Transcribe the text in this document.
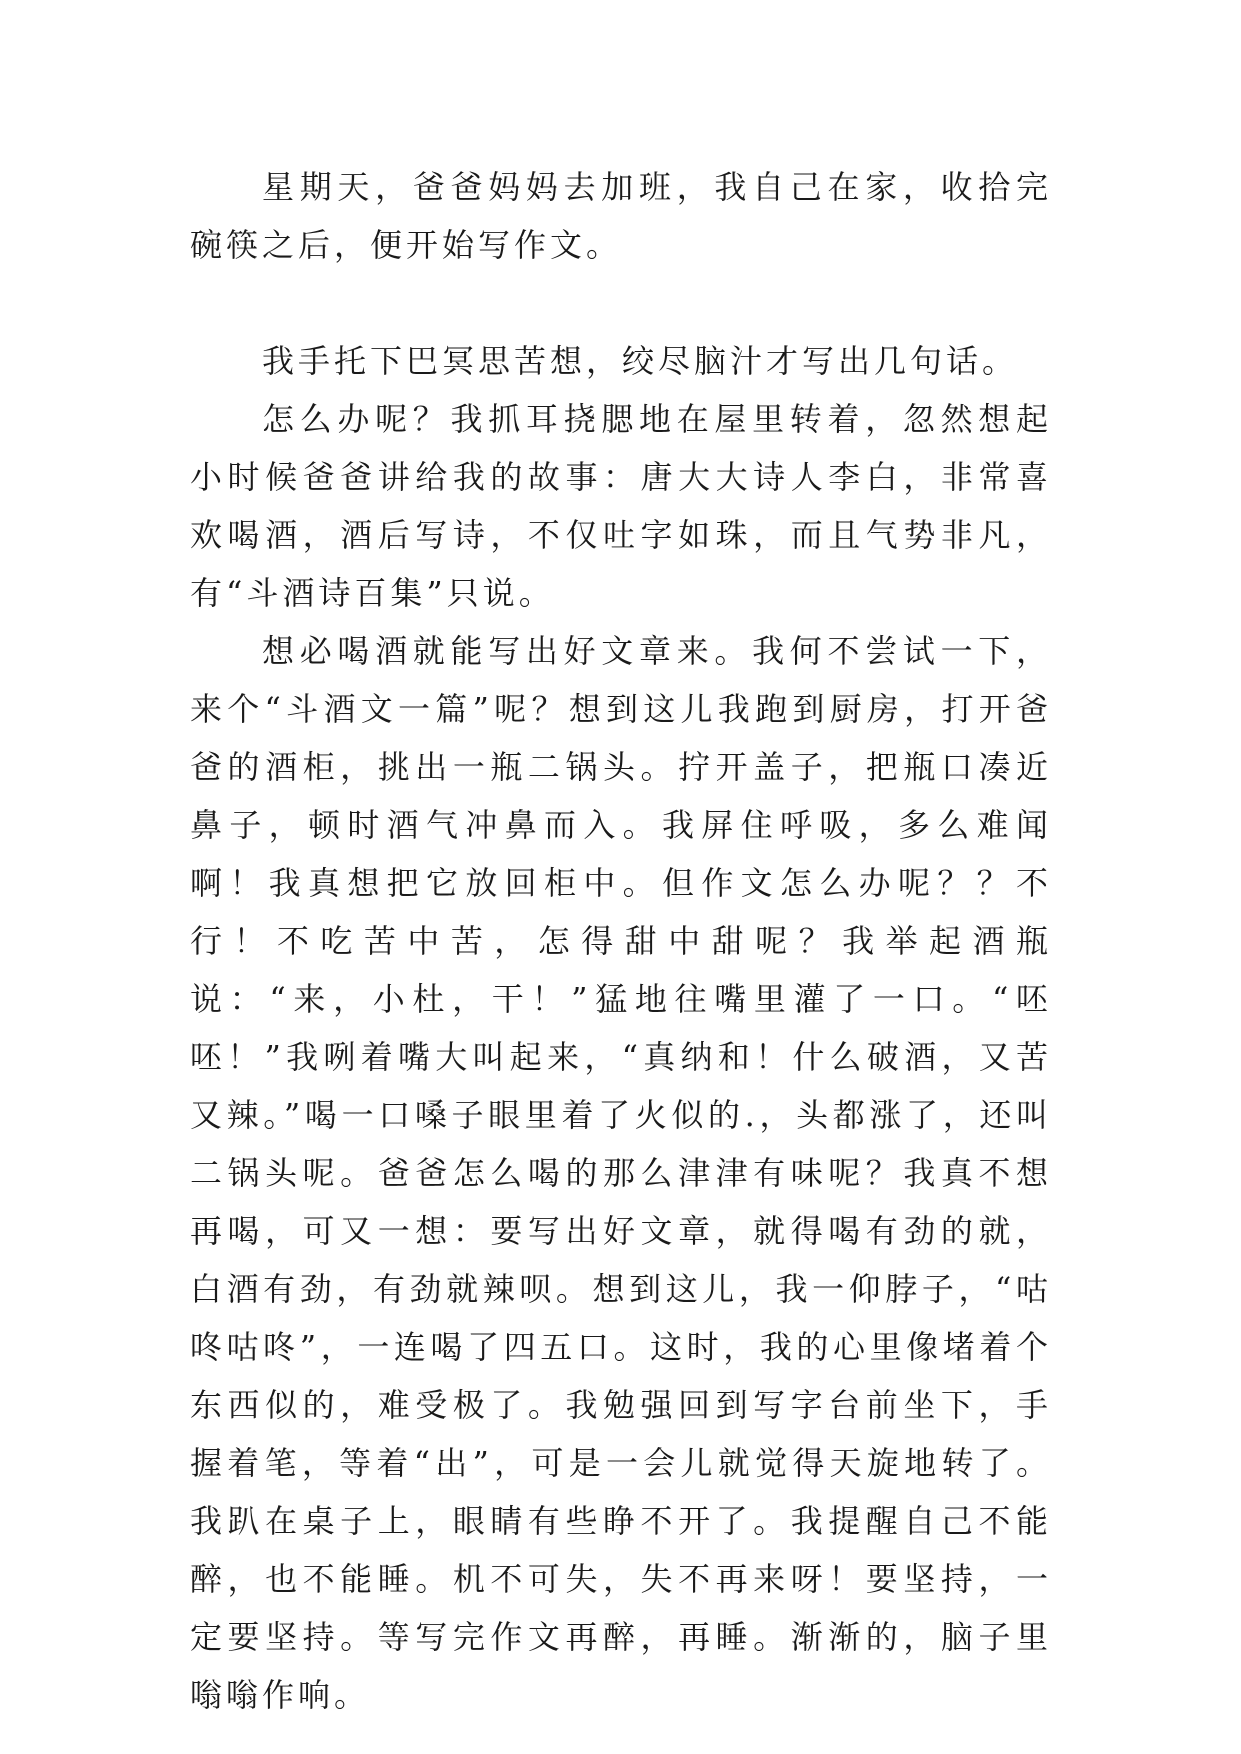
星期天，爸爸妈妈去加班，我自己在家，收拾完碗筷之后，便开始写作文。

我手托下巴冥思苦想，绞尽脑汁才写出几句话。

怎么办呢？我抓耳挠腮地在屋里转着，忽然想起小时候爸爸讲给我的故事：唐大大诗人李白，非常喜欢喝酒，酒后写诗，不仅吐字如珠，而且气势非凡，有“斗酒诗百集”只说。

想必喝酒就能写出好文章来。我何不尝试一下，来个“斗酒文一篇”呢？想到这儿我跑到厨房，打开爸爸的酒柜，挑出一瓶二锅头。拧开盖子，把瓶口凑近鼻子，顿时酒气冲鼻而入。我屏住呼吸，多么难闻啊！我真想把它放回柜中。但作文怎么办呢？？不行！不吃苦中苦，怎得甜中甜呢？我举起酒瓶说：“来，小杜，干！”猛地往嘴里灌了一口。“呸呸！”我咧着嘴大叫起来，“真纳和！什么破酒，又苦又辣。”喝一口嗓子眼里着了火似的.，头都涨了，还叫二锅头呢。爸爸怎么喝的那么津津有味呢？我真不想再喝，可又一想：要写出好文章，就得喝有劲的就，白酒有劲，有劲就辣呗。想到这儿，我一仰脖子，“咕咚咕咚”，一连喝了四五口。这时，我的心里像堵着个东西似的，难受极了。我勉强回到写字台前坐下，手握着笔，等着“出”，可是一会儿就觉得天旋地转了。我趴在桌子上，眼睛有些睁不开了。我提醒自己不能醉，也不能睡。机不可失，失不再来呀！要坚持，一定要坚持。等写完作文再醉，再睡。渐渐的，脑子里嗡嗡作响。
